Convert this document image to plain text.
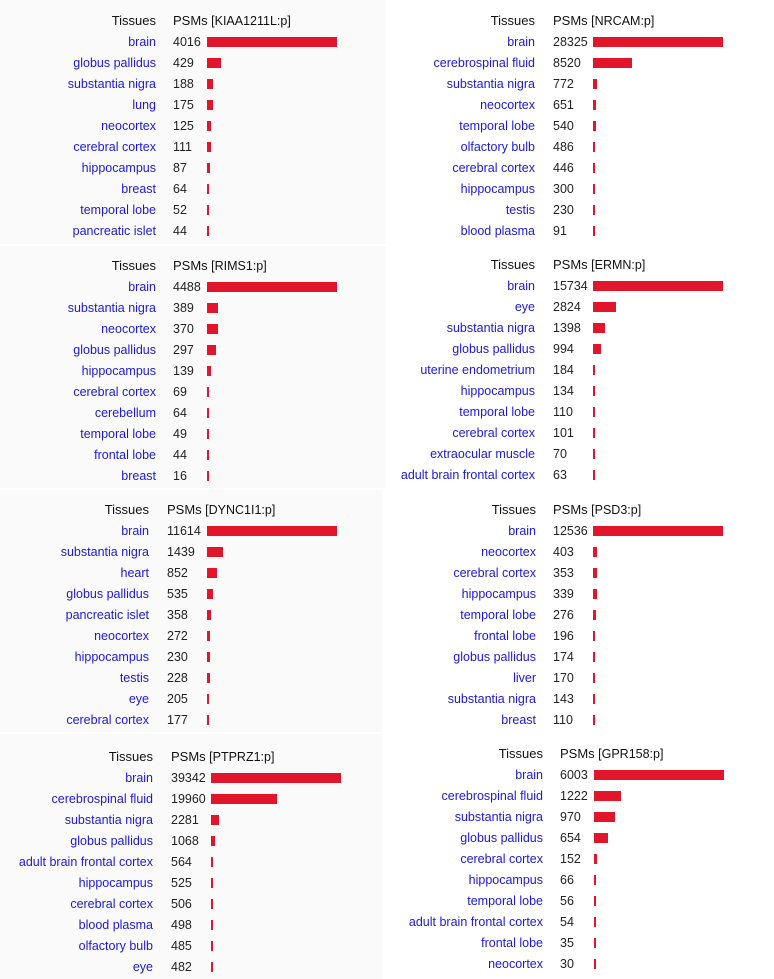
Tissues PSMs [KIAA1211L:p]
brain 4016
globus pallidus 429
substantia nigra 188
lung 175
neocortex 125
cerebral cortex 111
hippocampus 87
breast 64
temporal lobe 52
pancreatic islet 44
Tissues PSMs [NRCAM:p]
brain 28325
cerebrospinal fluid 8520
substantia nigra 772
neocortex 651
temporal lobe 540
olfactory bulb 486
cerebral cortex 446
hippocampus 300
testis 230
blood plasma 91
Tissues PSMs [RIMS1:p]
brain 4488
substantia nigra 389
neocortex 370
globus pallidus 297
hippocampus 139
cerebral cortex 69
cerebellum 64
temporal lobe 49
frontal lobe 44
breast 16
Tissues PSMs [ERMN:p]
brain 15734
eye 2824
substantia nigra 1398
globus pallidus 994
uterine endometrium 184
hippocampus 134
temporal lobe 110
cerebral cortex 101
extraocular muscle 70
adult brain frontal cortex 63
Tissues PSMs [DYNC1I1:p]
brain 11614
substantia nigra 1439
heart 852
globus pallidus 535
pancreatic islet 358
neocortex 272
hippocampus 230
testis 228
eye 205
cerebral cortex 177
Tissues PSMs [PSD3:p]
brain 12536
neocortex 403
cerebral cortex 353
hippocampus 339
temporal lobe 276
frontal lobe 196
globus pallidus 174
liver 170
substantia nigra 143
breast 110
Tissues PSMs [PTPRZ1:p]
brain 39342
cerebrospinal fluid 19960
substantia nigra 2281
globus pallidus 1068
adult brain frontal cortex 564
hippocampus 525
cerebral cortex 506
blood plasma 498
olfactory bulb 485
eye 482
Tissues PSMs [GPR158:p]
brain 6003
cerebrospinal fluid 1222
substantia nigra 970
globus pallidus 654
cerebral cortex 152
hippocampus 66
temporal lobe 56
adult brain frontal cortex 54
frontal lobe 35
neocortex 30
